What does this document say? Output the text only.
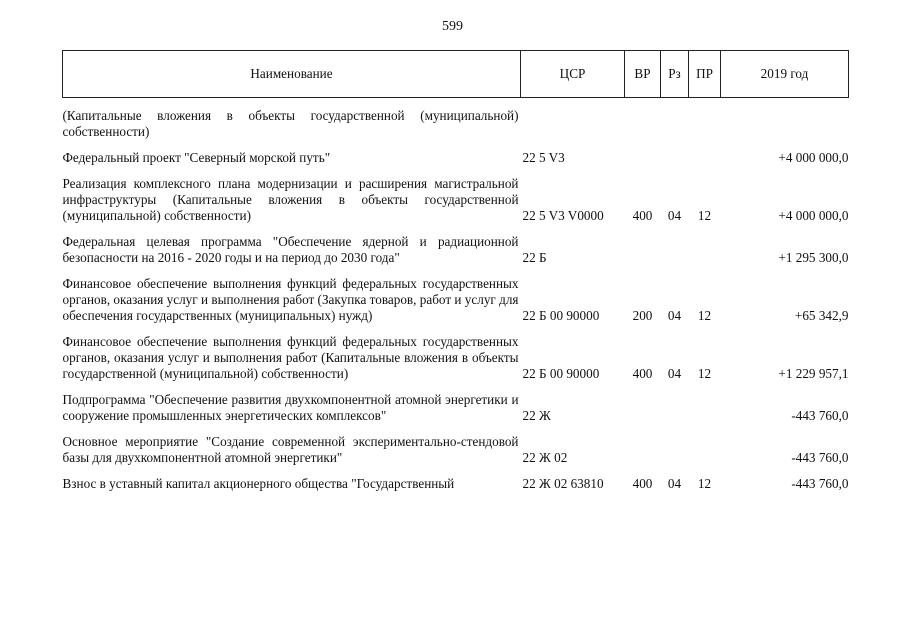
599
Наименование	ЦСР	ВР	Рз	ПР	2019 год
(Капитальные вложения в объекты государственной (муниципальной) собственности)					
Федеральный проект "Северный морской путь"	22 5 V3				+4 000 000,0
Реализация комплексного плана модернизации и расширения магистральной инфраструктуры (Капитальные вложения в объекты государственной (муниципальной) собственности)	22 5 V3 V0000	400	04	12	+4 000 000,0
Федеральная целевая программа "Обеспечение ядерной и радиационной безопасности на 2016 - 2020 годы и на период до 2030 года"	22 Б				+1 295 300,0
Финансовое обеспечение выполнения функций федеральных государственных органов, оказания услуг и выполнения работ (Закупка товаров, работ и услуг для обеспечения государственных (муниципальных) нужд)	22 Б 00 90000	200	04	12	+65 342,9
Финансовое обеспечение выполнения функций федеральных государственных органов, оказания услуг и выполнения работ (Капитальные вложения в объекты государственной (муниципальной) собственности)	22 Б 00 90000	400	04	12	+1 229 957,1
Подпрограмма "Обеспечение развития двухкомпонентной атомной энергетики и сооружение промышленных энергетических комплексов"	22 Ж				-443 760,0
Основное мероприятие "Создание современной экспериментально-стендовой базы для двухкомпонентной атомной энергетики"	22 Ж 02				-443 760,0
Взнос в уставный капитал акционерного общества "Государственный	22 Ж 02 63810	400	04	12	-443 760,0
